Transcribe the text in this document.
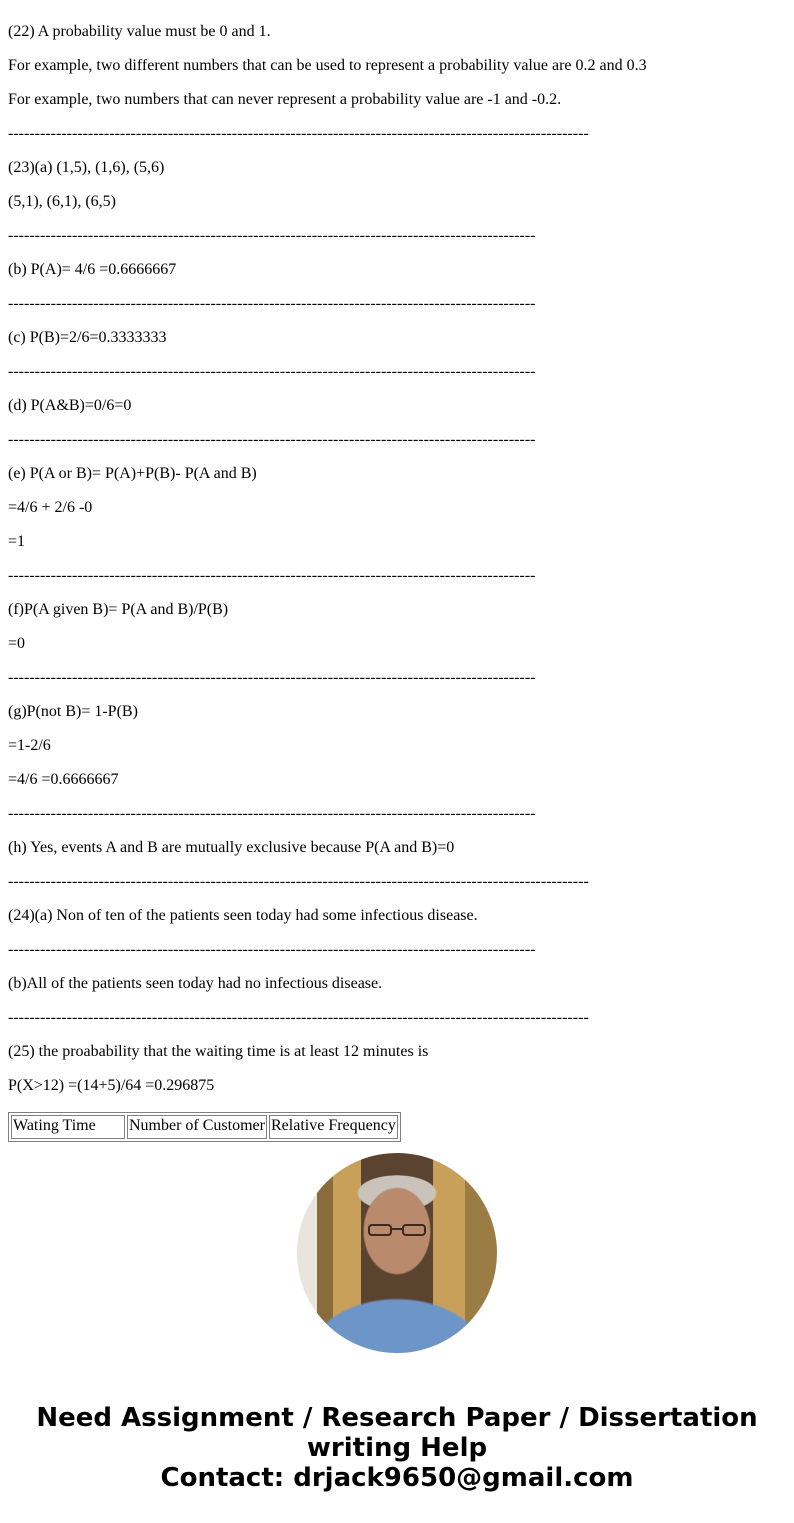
(22) A probability value must be 0 and 1.

For example, two different numbers that can be used to represent a probability value are 0.2 and 0.3

For example, two numbers that can never represent a probability value are -1 and -0.2.

-------------------------------------------------------------------------------------------------------------

(23)(a) (1,5), (1,6), (5,6)

(5,1), (6,1), (6,5)

---------------------------------------------------------------------------------------------------

(b) P(A)= 4/6 =0.6666667

---------------------------------------------------------------------------------------------------

(c) P(B)=2/6=0.3333333

---------------------------------------------------------------------------------------------------

(d) P(A&B)=0/6=0

---------------------------------------------------------------------------------------------------

(e) P(A or B)= P(A)+P(B)- P(A and B)

=4/6 + 2/6 -0

=1

---------------------------------------------------------------------------------------------------

(f)P(A given B)= P(A and B)/P(B)

=0

---------------------------------------------------------------------------------------------------

(g)P(not B)= 1-P(B)

=1-2/6

=4/6 =0.6666667

---------------------------------------------------------------------------------------------------

(h) Yes, events A and B are mutually exclusive because P(A and B)=0

-------------------------------------------------------------------------------------------------------------

(24)(a) Non of ten of the patients seen today had some infectious disease.

---------------------------------------------------------------------------------------------------

(b)All of the patients seen today had no infectious disease.

-------------------------------------------------------------------------------------------------------------

(25) the proabability that the waiting time is at least 12 minutes is

P(X>12) =(14+5)/64 =0.296875

Wating Time	Number of Customer	Relative Frequency
Need Assignment / Research Paper / Dissertation
writing Help
Contact: drjack9650@gmail.com
